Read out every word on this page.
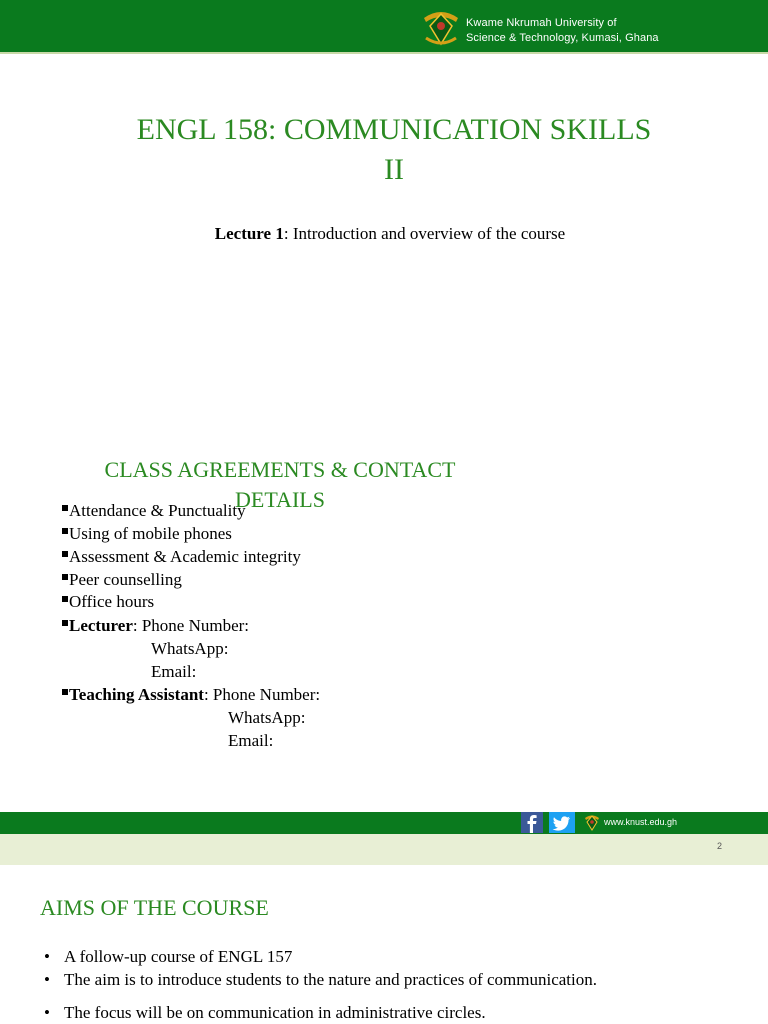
Kwame Nkrumah University of
Science & Technology, Kumasi, Ghana
ENGL 158: COMMUNICATION SKILLS
II
Lecture 1: Introduction and overview of the course
CLASS AGREEMENTS & CONTACT
DETAILS
Attendance & Punctuality
Using of mobile phones
Assessment & Academic integrity
Peer counselling
Office hours
Lecturer: Phone Number:
WhatsApp:
Email:
Teaching Assistant: Phone Number:
WhatsApp:
Email:
www.knust.edu.gh
2
AIMS OF THE COURSE
• A follow-up course of ENGL 157
• The aim is to introduce students to the nature and practices of communication.
• The focus will be on communication in administrative circles.
